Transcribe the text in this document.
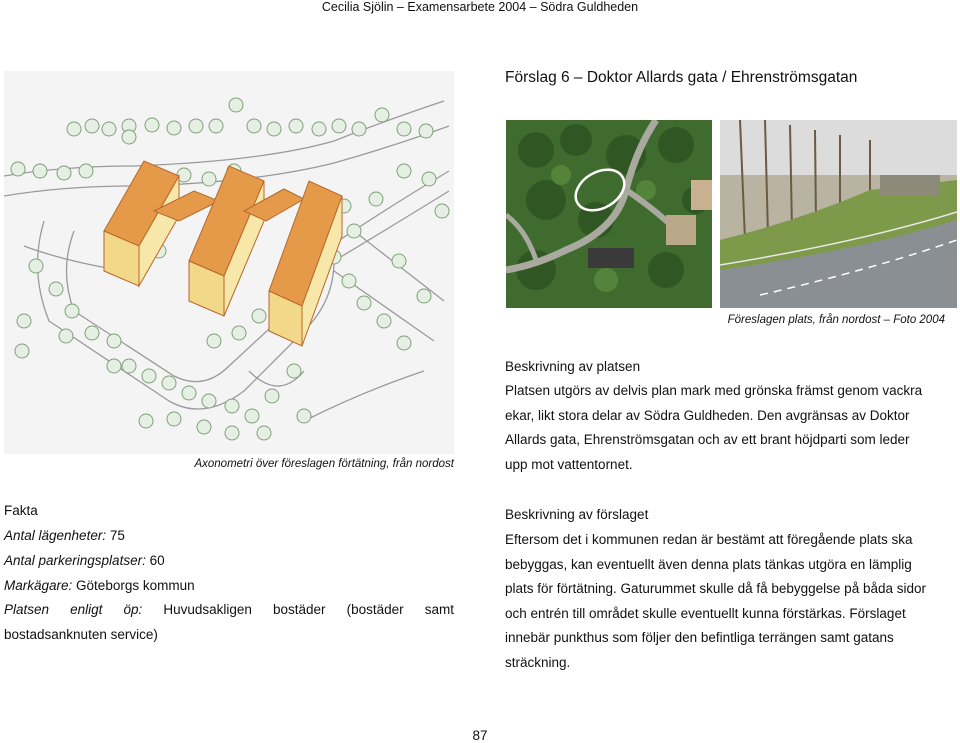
Cecilia Sjölin – Examensarbete 2004 – Södra Guldheden
Förslag 6 – Doktor Allards gata / Ehrenströmsgatan
Axonometri över föreslagen förtätning, från nordost
Föreslagen plats, från nordost – Foto 2004
Beskrivning av platsen
Platsen utgörs av delvis plan mark med grönska främst genom vackra
ekar, likt stora delar av Södra Guldheden. Den avgränsas av Doktor
Allards gata, Ehrenströmsgatan och av ett brant höjdparti som leder
upp mot vattentornet.
Fakta
Antal lägenheter: 75
Antal parkeringsplatser: 60
Markägare: Göteborgs kommun
Platsen enligt öp: Huvudsakligen bostäder (bostäder samt
bostadsanknuten service)
Beskrivning av förslaget
Eftersom det i kommunen redan är bestämt att föregående plats ska
bebyggas, kan eventuellt även denna plats tänkas utgöra en lämplig
plats för förtätning. Gaturummet skulle då få bebyggelse på båda sidor
och entrén till området skulle eventuellt kunna förstärkas. Förslaget
innebär punkthus som följer den befintliga terrängen samt gatans
sträckning.
87
